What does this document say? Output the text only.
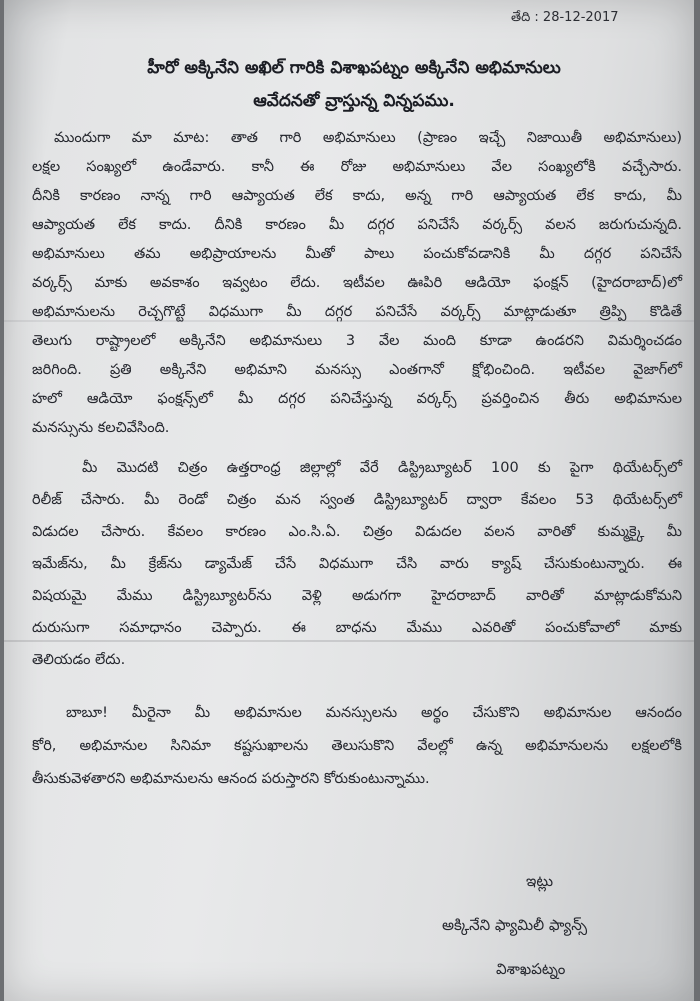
తేది : 28-12-2017
హీరో అక్కినేని అఖిల్ గారికి విశాఖపట్నం అక్కినేని అభిమానులు
ఆవేదనతో వ్రాస్తున్న విన్నపము.
ముందుగా మా మాట: తాత గారి అభిమానులు (ప్రాణం ఇచ్చే నిజాయితీ అభిమానులు)
లక్షల సంఖ్యలో ఉండేవారు. కానీ ఈ రోజు అభిమానులు వేల సంఖ్యలోకి వచ్చేసారు.
దీనికి కారణం నాన్న గారి ఆప్యాయత లేక కాదు, అన్న గారి ఆప్యాయత లేక కాదు, మీ
ఆప్యాయత లేక కాదు. దీనికి కారణం మీ దగ్గర పనిచేసే వర్కర్స్ వలన జరుగుచున్నది.
అభిమానులు తమ అభిప్రాయాలను మీతో పాలు పంచుకోవడానికి మీ దగ్గర పనిచేసే
వర్కర్స్ మాకు అవకాశం ఇవ్వటం లేదు. ఇటీవల ఊపిరి ఆడియో ఫంక్షన్ (హైదరాబాద్)లో
అభిమానులను రెచ్చగొట్టే విధముగా మీ దగ్గర పనిచేసే వర్కర్స్ మాట్లాడుతూ త్రిప్పి కొడితే
తెలుగు రాష్ట్రాలలో అక్కినేని అభిమానులు 3 వేల మంది కూడా ఉండరని విమర్శించడం
జరిగింది. ప్రతి అక్కినేని అభిమాని మనస్సు ఎంతగానో క్షోభించింది. ఇటీవల వైజాగ్‌లో
హలో ఆడియో ఫంక్షన్స్‌లో మీ దగ్గర పనిచేస్తున్న వర్కర్స్ ప్రవర్తించిన తీరు అభిమానుల
మనస్సును కలచివేసింది.
మీ మొదటి చిత్రం ఉత్తరాంధ్ర జిల్లాల్లో వేరే డిస్ట్రిబ్యూటర్ 100 కు పైగా థియేటర్స్‌లో
రిలీజ్ చేసారు. మీ రెండో చిత్రం మన స్వంత డిస్ట్రిబ్యూటర్ ద్వారా కేవలం 53 థియేటర్స్‌లో
విడుదల చేసారు. కేవలం కారణం ఎం.సి.ఏ. చిత్రం విడుదల వలన వారితో కుమ్మక్కై మీ
ఇమేజ్‌ను, మీ క్రేజ్‌ను డ్యామేజ్ చేసే విధముగా చేసి వారు క్యాష్ చేసుకుంటున్నారు. ఈ
విషయమై మేము డిస్ట్రిబ్యూటర్‌ను వెళ్లి అడుగగా హైదరాబాద్ వారితో మాట్లాడుకోమని
దురుసుగా సమాధానం చెప్పారు. ఈ బాధను మేము ఎవరితో పంచుకోవాలో మాకు
తెలియడం లేదు.
బాబూ! మీరైనా మీ అభిమానుల మనస్సులను అర్థం చేసుకొని అభిమానుల ఆనందం
కోరి, అభిమానుల సినిమా కష్టసుఖాలను తెలుసుకొని వేలల్లో ఉన్న అభిమానులను లక్షలలోకి
తీసుకువెళతారని అభిమానులను ఆనంద పరుస్తారని కోరుకుంటున్నాము.
ఇట్లు
అక్కినేని ఫ్యామిలీ ఫ్యాన్స్
విశాఖపట్నం
